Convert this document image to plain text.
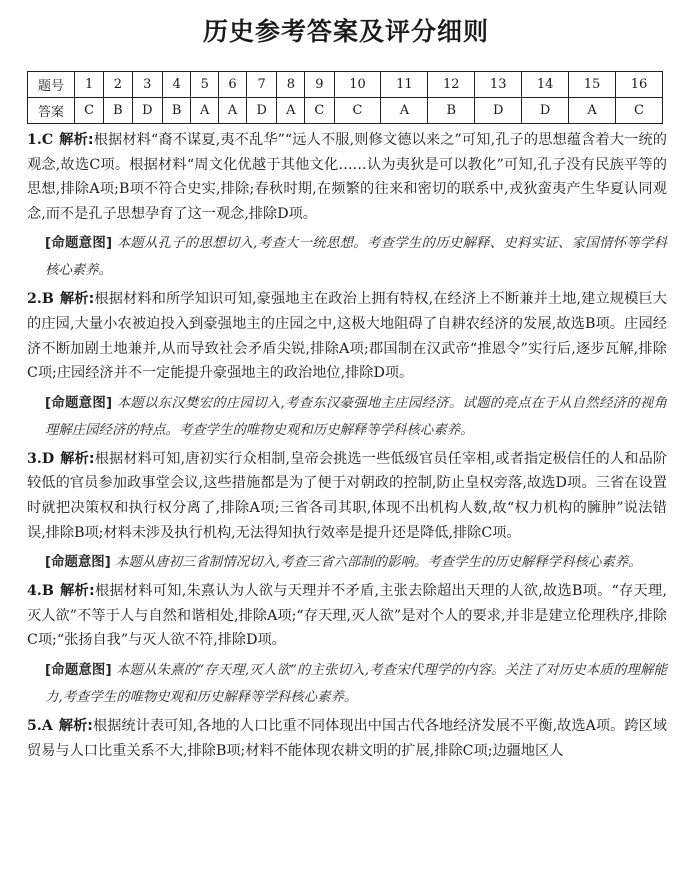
历史参考答案及评分细则
题号	1	2	3	4	5	6	7	8	9	10	11	12	13	14	15	16
答案	C	B	D	B	A	A	D	A	C	C	A	B	D	D	A	C

1.C 解析:根据材料“裔不谋夏,夷不乱华”“远人不服,则修文德以来之”可知,孔子的思想蕴含着大一统的观念,故选C项。根据材料“周文化优越于其他文化……认为夷狄是可以教化”可知,孔子没有民族平等的思想,排除A项;B项不符合史实,排除;春秋时期,在频繁的往来和密切的联系中,戎狄蛮夷产生华夏认同观念,而不是孔子思想孕育了这一观念,排除D项。

[命题意图] 本题从孔子的思想切入,考查大一统思想。考查学生的历史解释、史料实证、家国情怀等学科核心素养。

2.B 解析:根据材料和所学知识可知,豪强地主在政治上拥有特权,在经济上不断兼并土地,建立规模巨大的庄园,大量小农被迫投入到豪强地主的庄园之中,这极大地阻碍了自耕农经济的发展,故选B项。庄园经济不断加剧土地兼并,从而导致社会矛盾尖锐,排除A项;郡国制在汉武帝“推恩令”实行后,逐步瓦解,排除C项;庄园经济并不一定能提升豪强地主的政治地位,排除D项。

[命题意图] 本题以东汉樊宏的庄园切入,考查东汉豪强地主庄园经济。试题的亮点在于从自然经济的视角理解庄园经济的特点。考查学生的唯物史观和历史解释等学科核心素养。

3.D 解析:根据材料可知,唐初实行众相制,皇帝会挑选一些低级官员任宰相,或者指定极信任的人和品阶较低的官员参加政事堂会议,这些措施都是为了便于对朝政的控制,防止皇权旁落,故选D项。三省在设置时就把决策权和执行权分离了,排除A项;三省各司其职,体现不出机构人数,故“权力机构的臃肿”说法错误,排除B项;材料未涉及执行机构,无法得知执行效率是提升还是降低,排除C项。

[命题意图] 本题从唐初三省制情况切入,考查三省六部制的影响。考查学生的历史解释学科核心素养。

4.B 解析:根据材料可知,朱熹认为人欲与天理并不矛盾,主张去除超出天理的人欲,故选B项。“存天理,灭人欲”不等于人与自然和谐相处,排除A项;“存天理,灭人欲”是对个人的要求,并非是建立伦理秩序,排除C项;“张扬自我”与灭人欲不符,排除D项。

[命题意图] 本题从朱熹的“存天理,灭人欲”的主张切入,考查宋代理学的内容。关注了对历史本质的理解能力,考查学生的唯物史观和历史解释等学科核心素养。

5.A 解析:根据统计表可知,各地的人口比重不同体现出中国古代各地经济发展不平衡,故选A项。跨区域贸易与人口比重关系不大,排除B项;材料不能体现农耕文明的扩展,排除C项;边疆地区人
